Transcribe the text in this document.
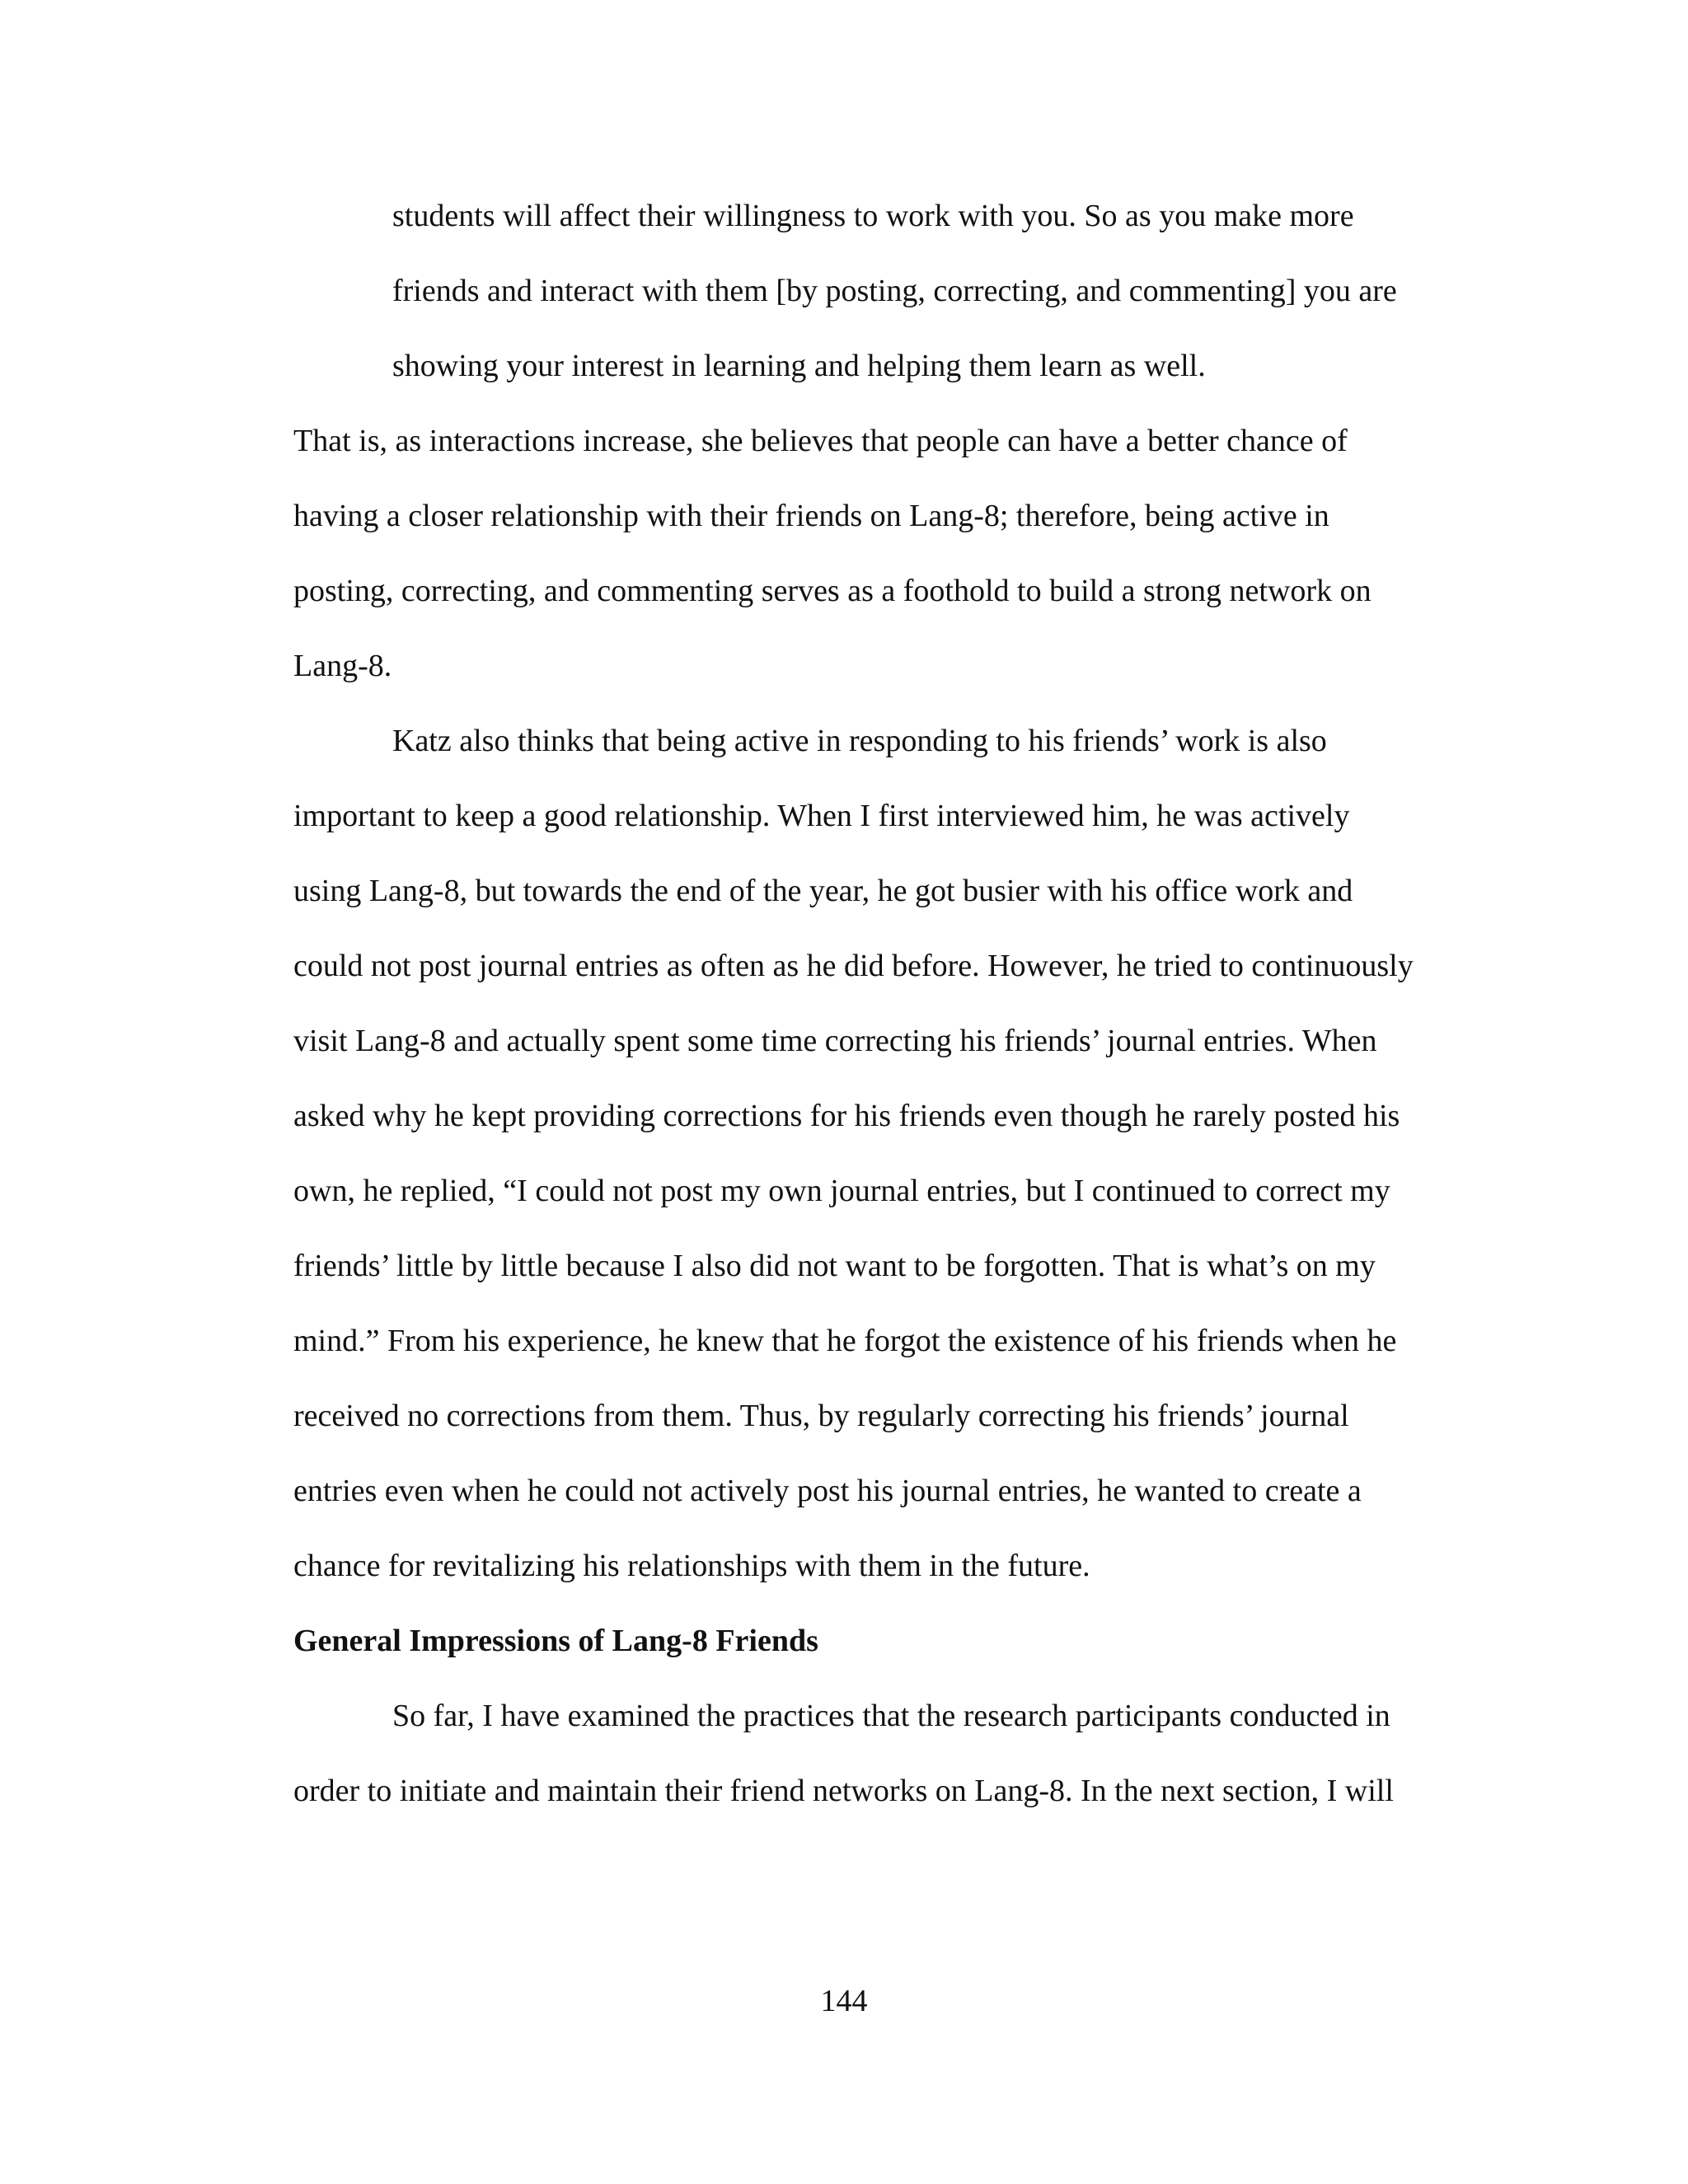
students will affect their willingness to work with you. So as you make more
friends and interact with them [by posting, correcting, and commenting] you are
showing your interest in learning and helping them learn as well.
That is, as interactions increase, she believes that people can have a better chance of
having a closer relationship with their friends on Lang-8; therefore, being active in
posting, correcting, and commenting serves as a foothold to build a strong network on
Lang-8.
Katz also thinks that being active in responding to his friends’ work is also
important to keep a good relationship. When I first interviewed him, he was actively
using Lang-8, but towards the end of the year, he got busier with his office work and
could not post journal entries as often as he did before. However, he tried to continuously
visit Lang-8 and actually spent some time correcting his friends’ journal entries. When
asked why he kept providing corrections for his friends even though he rarely posted his
own, he replied, “I could not post my own journal entries, but I continued to correct my
friends’ little by little because I also did not want to be forgotten. That is what’s on my
mind.” From his experience, he knew that he forgot the existence of his friends when he
received no corrections from them. Thus, by regularly correcting his friends’ journal
entries even when he could not actively post his journal entries, he wanted to create a
chance for revitalizing his relationships with them in the future.
General Impressions of Lang-8 Friends
So far, I have examined the practices that the research participants conducted in
order to initiate and maintain their friend networks on Lang-8. In the next section, I will
144
